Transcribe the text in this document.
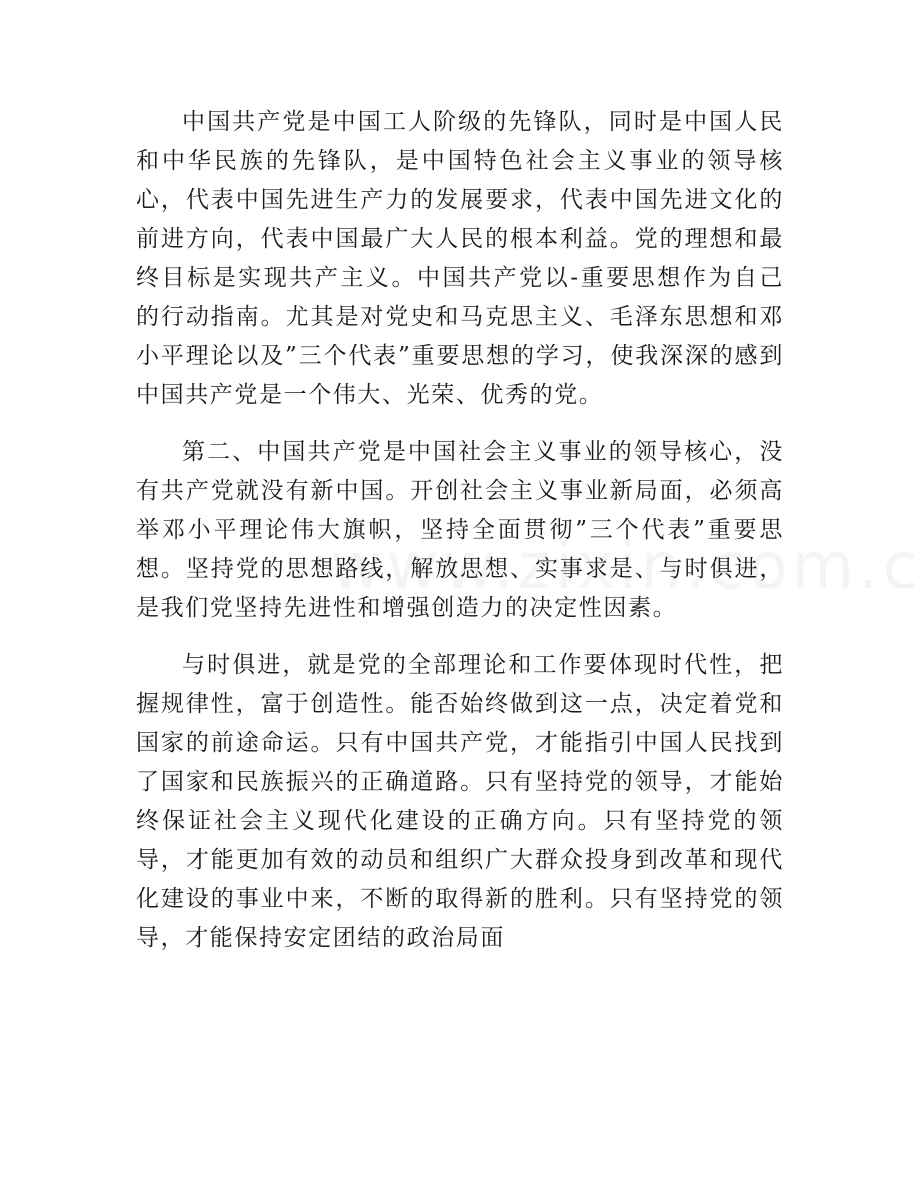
中国共产党是中国工人阶级的先锋队，同时是中国人民和中华民族的先锋队，是中国特色社会主义事业的领导核心，代表中国先进生产力的发展要求，代表中国先进文化的前进方向，代表中国最广大人民的根本利益。党的理想和最终目标是实现共产主义。中国共产党以-重要思想作为自己的行动指南。尤其是对党史和马克思主义、毛泽东思想和邓小平理论以及”三个代表”重要思想的学习，使我深深的感到中国共产党是一个伟大、光荣、优秀的党。

第二、中国共产党是中国社会主义事业的领导核心，没有共产党就没有新中国。开创社会主义事业新局面，必须高举邓小平理论伟大旗帜，坚持全面贯彻”三个代表”重要思想。坚持党的思想路线，解放思想、实事求是、与时俱进，是我们党坚持先进性和增强创造力的决定性因素。

与时俱进，就是党的全部理论和工作要体现时代性，把握规律性，富于创造性。能否始终做到这一点，决定着党和国家的前途命运。只有中国共产党，才能指引中国人民找到了国家和民族振兴的正确道路。只有坚持党的领导，才能始终保证社会主义现代化建设的正确方向。只有坚持党的领导，才能更加有效的动员和组织广大群众投身到改革和现代化建设的事业中来，不断的取得新的胜利。只有坚持党的领导，才能保持安定团结的政治局面
